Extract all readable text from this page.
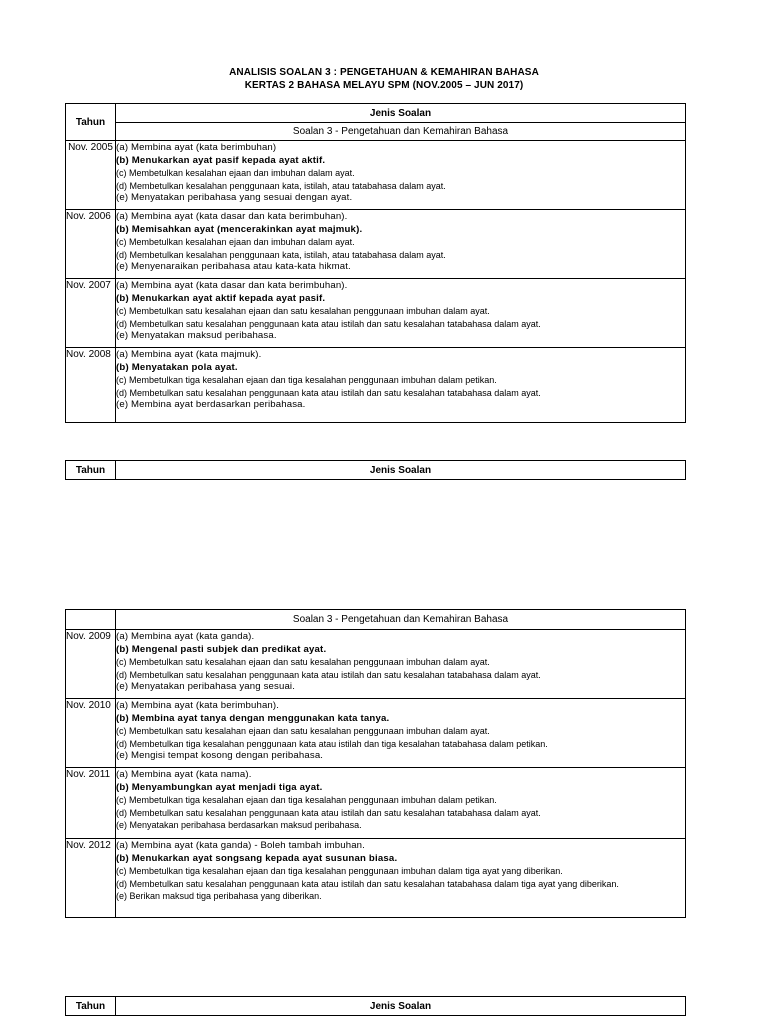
ANALISIS SOALAN 3 : PENGETAHUAN & KEMAHIRAN BAHASA
KERTAS 2 BAHASA MELAYU SPM (NOV.2005 – JUN 2017)
Tahun	Jenis Soalan
	Soalan 3 - Pengetahuan dan Kemahiran Bahasa
Nov. 2005	(a) Membina ayat (kata berimbuhan)
(b) Menukarkan ayat pasif kepada ayat aktif.
(c) Membetulkan kesalahan ejaan dan imbuhan dalam ayat.
(d) Membetulkan kesalahan penggunaan kata, istilah, atau tatabahasa dalam ayat.
(e) Menyatakan peribahasa yang sesuai dengan ayat.

Nov. 2006	(a) Membina ayat (kata dasar dan kata berimbuhan).
(b) Memisahkan ayat (mencerakinkan ayat majmuk).
(c) Membetulkan kesalahan ejaan dan imbuhan dalam ayat.
(d) Membetulkan kesalahan penggunaan kata, istilah, atau tatabahasa dalam ayat.
(e) Menyenaraikan peribahasa atau kata-kata hikmat.

Nov. 2007	(a) Membina ayat (kata dasar dan kata berimbuhan).
(b) Menukarkan ayat aktif kepada ayat pasif.
(c) Membetulkan satu kesalahan ejaan dan satu kesalahan penggunaan imbuhan dalam ayat.
(d) Membetulkan satu kesalahan penggunaan kata atau istilah dan satu kesalahan tatabahasa dalam ayat.
(e) Menyatakan maksud peribahasa.

Nov. 2008	(a) Membina ayat (kata majmuk).
(b) Menyatakan pola ayat.
(c) Membetulkan tiga kesalahan ejaan dan tiga kesalahan penggunaan imbuhan dalam petikan.
(d) Membetulkan satu kesalahan penggunaan kata atau istilah dan satu kesalahan tatabahasa dalam ayat.
(e) Membina ayat berdasarkan peribahasa.
Tahun	Jenis Soalan
	Soalan 3 - Pengetahuan dan Kemahiran Bahasa
Nov. 2009	(a) Membina ayat (kata ganda).
(b) Mengenal pasti subjek dan predikat ayat.
(c) Membetulkan satu kesalahan ejaan dan satu kesalahan penggunaan imbuhan dalam ayat.
(d) Membetulkan satu kesalahan penggunaan kata atau istilah dan satu kesalahan tatabahasa dalam ayat.
(e) Menyatakan peribahasa yang sesuai.

Nov. 2010	(a) Membina ayat (kata berimbuhan).
(b) Membina ayat tanya dengan menggunakan kata tanya.
(c) Membetulkan satu kesalahan ejaan dan satu kesalahan penggunaan imbuhan dalam ayat.
(d) Membetulkan tiga kesalahan penggunaan kata atau istilah dan tiga kesalahan tatabahasa dalam petikan.
(e) Mengisi tempat kosong dengan peribahasa.

Nov. 2011	(a) Membina ayat (kata nama).
(b) Menyambungkan ayat menjadi tiga ayat.
(c) Membetulkan tiga kesalahan ejaan dan tiga kesalahan penggunaan imbuhan dalam petikan.
(d) Membetulkan satu kesalahan penggunaan kata atau istilah dan satu kesalahan tatabahasa dalam ayat.
(e) Menyatakan peribahasa berdasarkan maksud peribahasa.

Nov. 2012	(a) Membina ayat (kata ganda) - Boleh tambah imbuhan.
(b) Menukarkan ayat songsang kepada ayat susunan biasa.
(c) Membetulkan tiga kesalahan ejaan dan tiga kesalahan penggunaan imbuhan dalam tiga ayat yang diberikan.
(d) Membetulkan satu kesalahan penggunaan kata atau istilah dan satu kesalahan tatabahasa dalam tiga ayat yang diberikan.
(e) Berikan maksud tiga peribahasa yang diberikan.
Tahun	Jenis Soalan
